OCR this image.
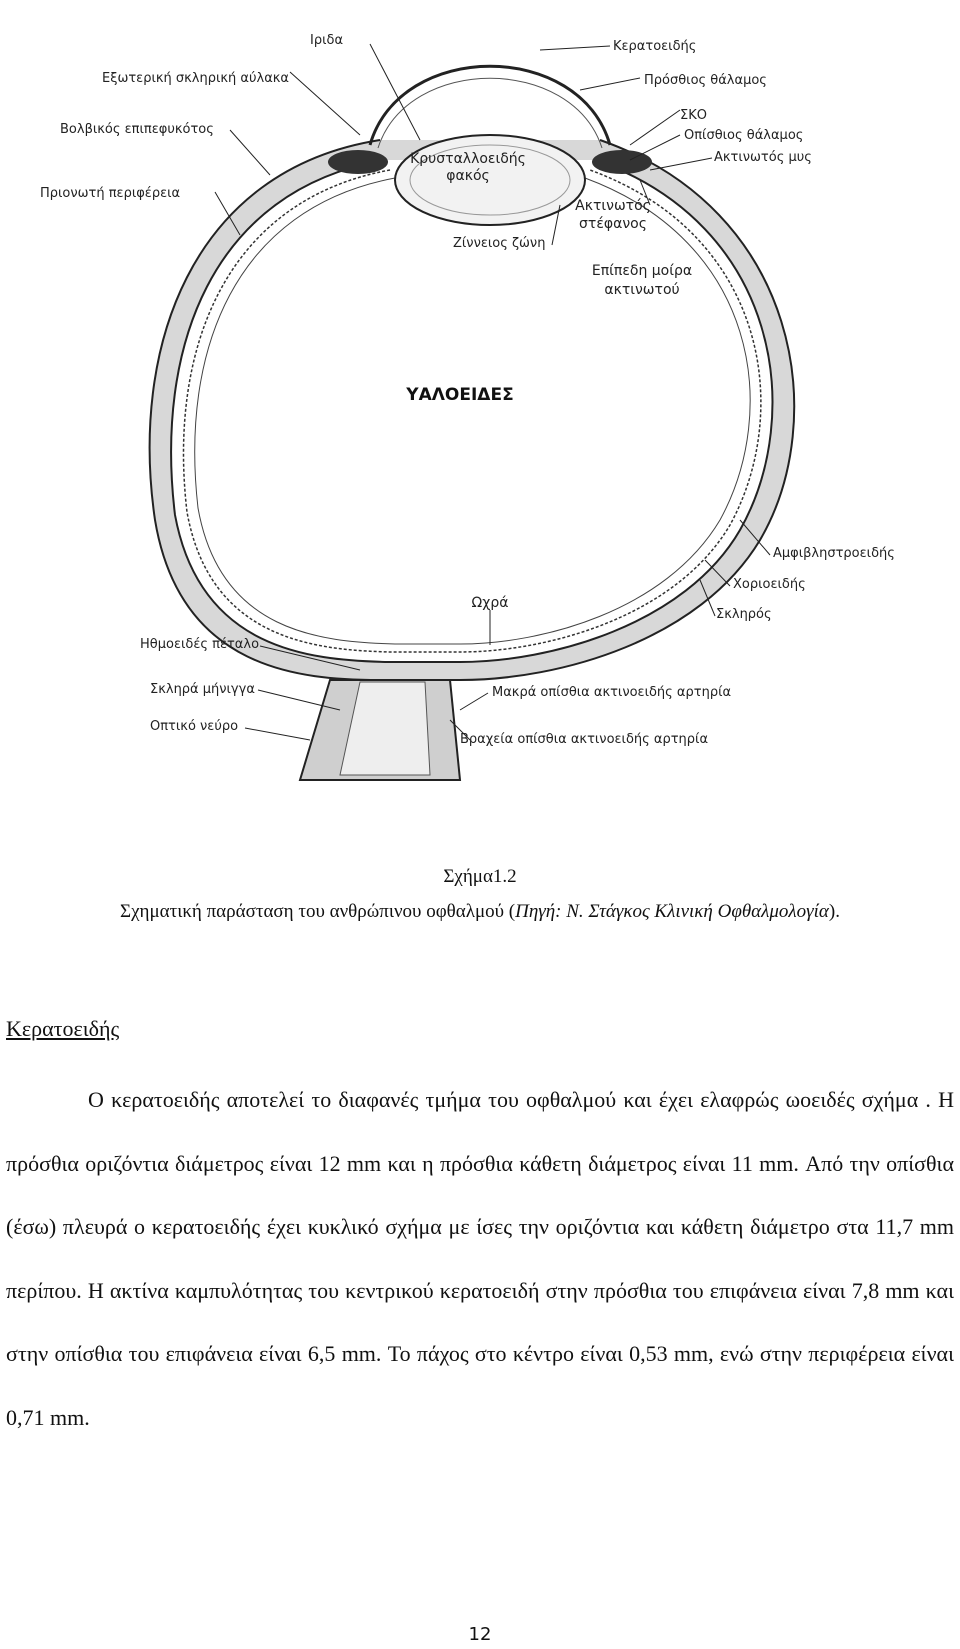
Ιριδα	Κερατοειδής
Εξωτερική σκληρική αύλακα	Πρόσθιος θάλαμος
Βολβικός επιπεφυκότος
ΣΚΟ
Οπίσθιος θάλαμος
Ακτινωτός μυς
Πριονωτή περιφέρεια
Κρυσταλλοειδής
φακός
Ακτινωτός
στέφανος
Ζίννειος ζώνη
Επίπεδη μοίρα
ακτινωτού
ΥΑΛΟΕΙΔΕΣ
Αμφιβληστροειδής
Χοριοειδής
Σκληρός
Ωχρά
Ηθμοειδές πέταλο
Σκληρά μήνιγγα	Μακρά οπίσθια ακτινοειδής αρτηρία
Οπτικό νεύρο
Βραχεία οπίσθια ακτινοειδής αρτηρία
Σχήμα1.2
Σχηματική παράσταση του ανθρώπινου οφθαλμού (Πηγή: Ν. Στάγκος Κλινική Οφθαλμολογία).
Κερατοειδής

Ο κερατοειδής αποτελεί το διαφανές τμήμα του οφθαλμού και έχει ελαφρώς ωοειδές σχήμα . Η πρόσθια οριζόντια διάμετρος είναι 12 mm και η πρόσθια κάθετη διάμετρος είναι 11 mm. Από την οπίσθια (έσω) πλευρά ο κερατοειδής έχει κυκλικό σχήμα με ίσες την οριζόντια και κάθετη διάμετρο στα 11,7 mm περίπου. Η ακτίνα καμπυλότητας του κεντρικού κερατοειδή στην πρόσθια του επιφάνεια είναι 7,8 mm και στην οπίσθια του επιφάνεια είναι 6,5 mm. Το πάχος στο κέντρο είναι 0,53 mm, ενώ στην περιφέρεια είναι 0,71 mm.

12
